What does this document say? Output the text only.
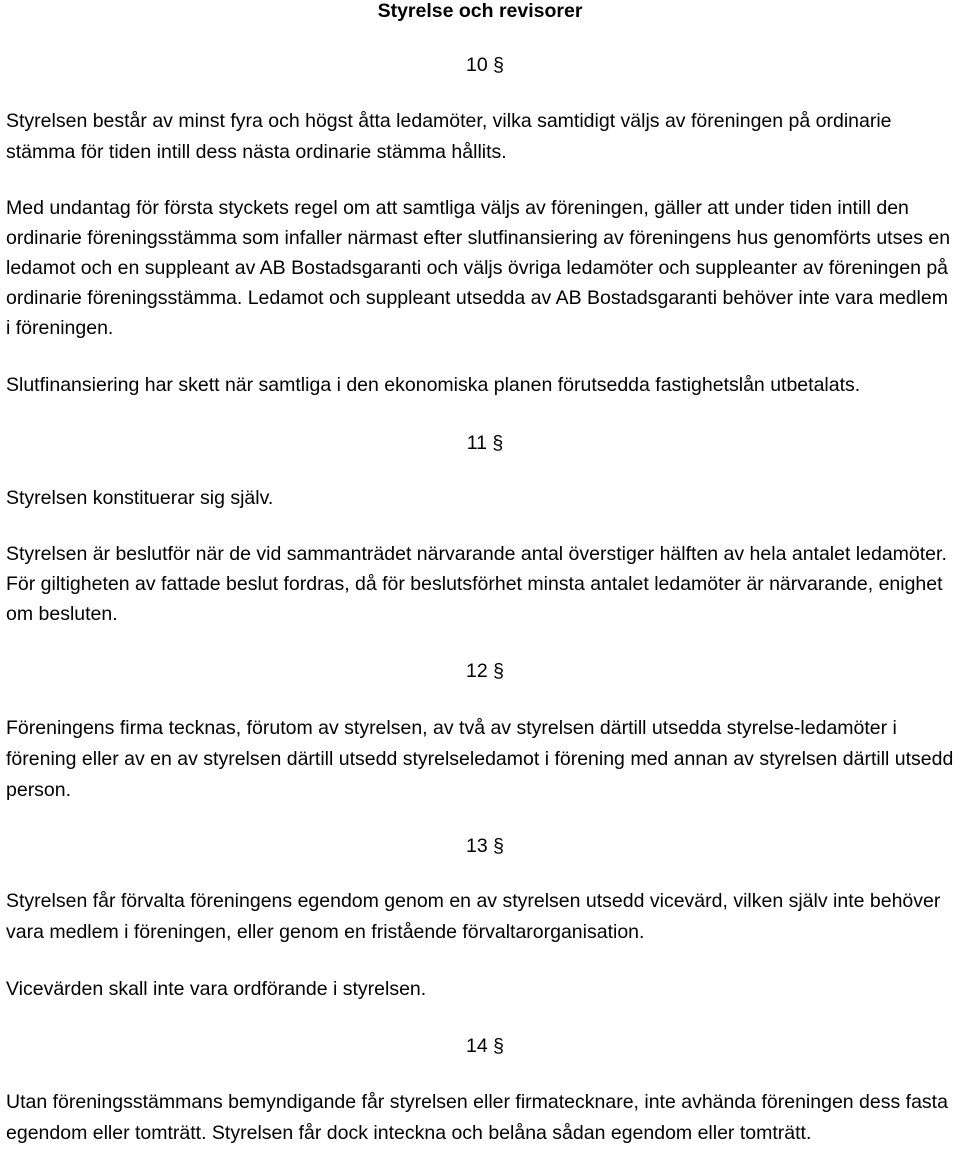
Styrelse och revisorer
10 §

Styrelsen består av minst fyra och högst åtta ledamöter, vilka samtidigt väljs av föreningen på ordinarie stämma för tiden intill dess nästa ordinarie stämma hållits.

Med undantag för första styckets regel om att samtliga väljs av föreningen, gäller att under tiden intill den ordinarie föreningsstämma som infaller närmast efter slutfinansiering av föreningens hus genomförts utses en ledamot och en suppleant av AB Bostadsgaranti och väljs övriga ledamöter och suppleanter av föreningen på ordinarie föreningsstämma. Ledamot och suppleant utsedda av AB Bostadsgaranti behöver inte vara medlem i föreningen.

Slutfinansiering har skett när samtliga i den ekonomiska planen förutsedda fastighetslån utbetalats.

11 §

Styrelsen konstituerar sig själv.

Styrelsen är beslutför när de vid sammanträdet närvarande antal överstiger hälften av hela antalet ledamöter. För giltigheten av fattade beslut fordras, då för beslutsförhet minsta antalet ledamöter är närvarande, enighet om besluten.

12 §

Föreningens firma tecknas, förutom av styrelsen, av två av styrelsen därtill utsedda styrelse-ledamöter i förening eller av en av styrelsen därtill utsedd styrelseledamot i förening med annan av styrelsen därtill utsedd person.

13 §

Styrelsen får förvalta föreningens egendom genom en av styrelsen utsedd vicevärd, vilken själv inte behöver vara medlem i föreningen, eller genom en fristående förvaltarorganisation.

Vicevärden skall inte vara ordförande i styrelsen.

14 §

Utan föreningsstämmans bemyndigande får styrelsen eller firmatecknare, inte avhända föreningen dess fasta egendom eller tomträtt. Styrelsen får dock inteckna och belåna sådan egendom eller tomträtt.
